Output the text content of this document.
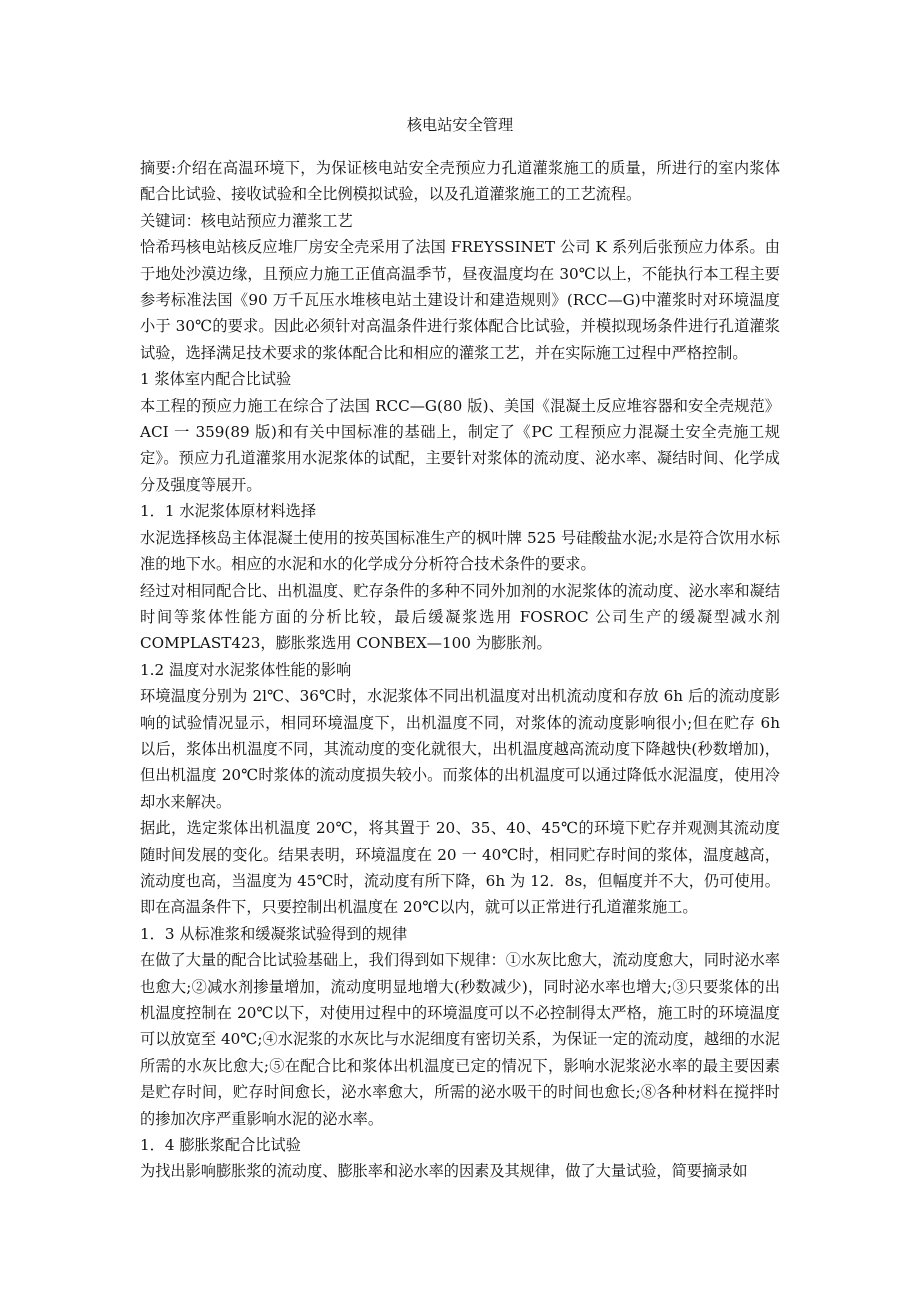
核电站安全管理

摘要:介绍在高温环境下，为保证核电站安全壳预应力孔道灌浆施工的质量，所进行的室内浆体配合比试验、接收试验和全比例模拟试验，以及孔道灌浆施工的工艺流程。

关键词：核电站预应力灌浆工艺

恰希玛核电站核反应堆厂房安全壳采用了法国 FREYSSINET 公司 K 系列后张预应力体系。由于地处沙漠边缘，且预应力施工正值高温季节，昼夜温度均在 30℃以上，不能执行本工程主要参考标准法国《90 万千瓦压水堆核电站土建设计和建造规则》(RCC—G)中灌浆时对环境温度小于 30℃的要求。因此必须针对高温条件进行浆体配合比试验，并模拟现场条件进行孔道灌浆试验，选择满足技术要求的浆体配合比和相应的灌浆工艺，并在实际施工过程中严格控制。

1 浆体室内配合比试验

本工程的预应力施工在综合了法国 RCC—G(80 版)、美国《混凝土反应堆容器和安全壳规范》ACI 一 359(89 版)和有关中国标准的基础上，制定了《PC 工程预应力混凝土安全壳施工规定》。预应力孔道灌浆用水泥浆体的试配，主要针对浆体的流动度、泌水率、凝结时间、化学成分及强度等展开。

1．1 水泥浆体原材料选择

水泥选择核岛主体混凝土使用的按英国标准生产的枫叶牌 525 号硅酸盐水泥;水是符合饮用水标准的地下水。相应的水泥和水的化学成分分析符合技术条件的要求。

经过对相同配合比、出机温度、贮存条件的多种不同外加剂的水泥浆体的流动度、泌水率和凝结时间等浆体性能方面的分析比较，最后缓凝浆选用 FOSROC 公司生产的缓凝型减水剂 COMPLAST423，膨胀浆选用 CONBEX—100 为膨胀剂。

1.2 温度对水泥浆体性能的影响

环境温度分别为 2l℃、36℃时，水泥浆体不同出机温度对出机流动度和存放 6h 后的流动度影响的试验情况显示，相同环境温度下，出机温度不同，对浆体的流动度影响很小;但在贮存 6h 以后，浆体出机温度不同，其流动度的变化就很大，出机温度越高流动度下降越快(秒数增加)，但出机温度 20℃时浆体的流动度损失较小。而浆体的出机温度可以通过降低水泥温度，使用冷却水来解决。

据此，选定浆体出机温度 20℃，将其置于 20、35、40、45℃的环境下贮存并观测其流动度随时间发展的变化。结果表明，环境温度在 20 一 40℃时，相同贮存时间的浆体，温度越高，流动度也高，当温度为 45℃时，流动度有所下降，6h 为 12．8s，但幅度并不大，仍可使用。即在高温条件下，只要控制出机温度在 20℃以内，就可以正常进行孔道灌浆施工。

1．3 从标准浆和缓凝浆试验得到的规律

在做了大量的配合比试验基础上，我们得到如下规律：①水灰比愈大，流动度愈大，同时泌水率也愈大;②减水剂掺量增加，流动度明显地增大(秒数减少)，同时泌水率也增大;③只要浆体的出机温度控制在 20℃以下，对使用过程中的环境温度可以不必控制得太严格，施工时的环境温度可以放宽至 40℃;④水泥浆的水灰比与水泥细度有密切关系，为保证一定的流动度，越细的水泥所需的水灰比愈大;⑤在配合比和浆体出机温度已定的情况下，影响水泥浆泌水率的最主要因素是贮存时间，贮存时间愈长，泌水率愈大，所需的泌水吸干的时间也愈长;⑧各种材料在搅拌时的掺加次序严重影响水泥的泌水率。

1．4 膨胀浆配合比试验

为找出影响膨胀浆的流动度、膨胀率和泌水率的因素及其规律，做了大量试验，简要摘录如
